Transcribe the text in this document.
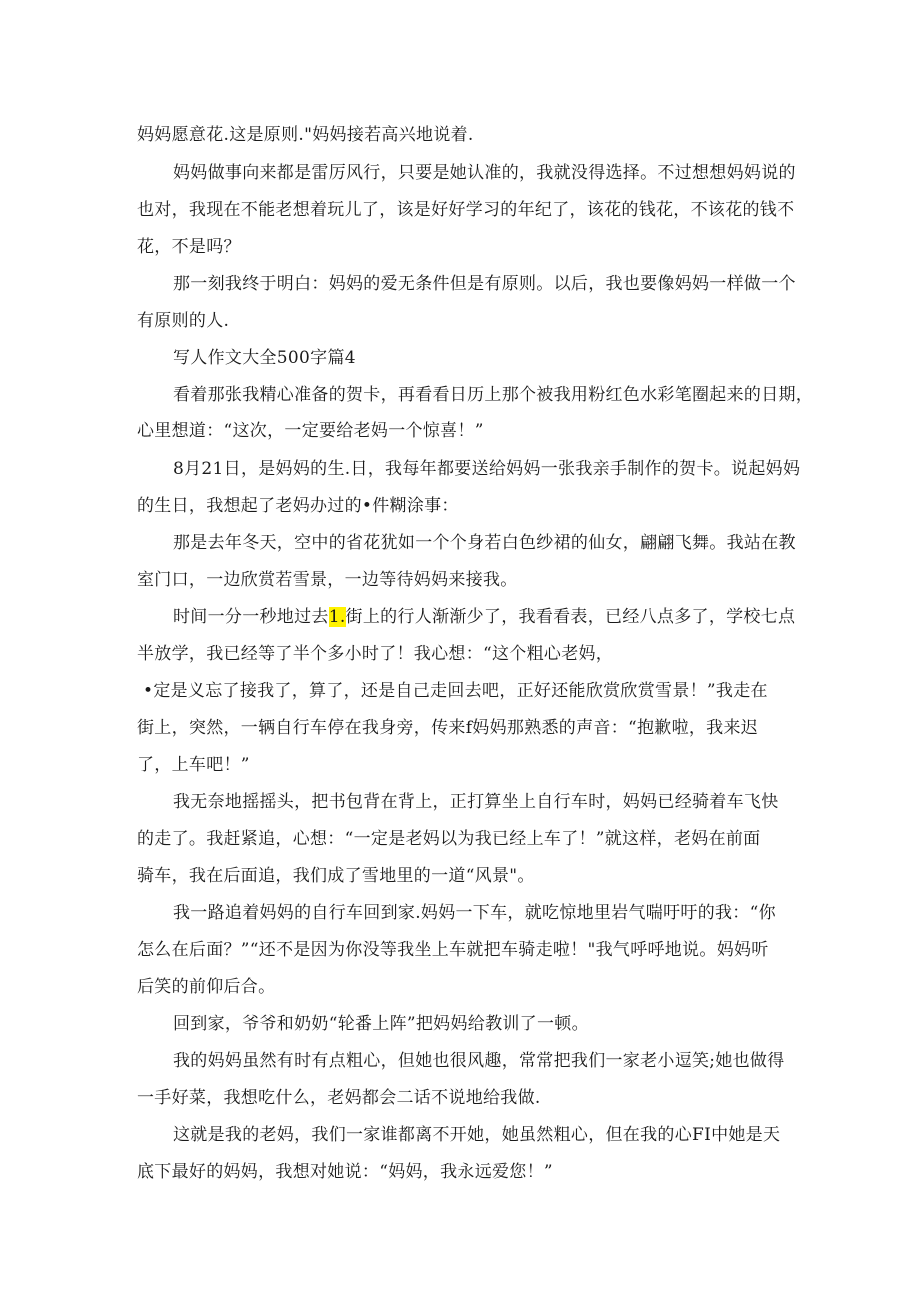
妈妈愿意花.这是原则."妈妈接若高兴地说着.
妈妈做事向来都是雷厉风行，只要是她认准的，我就没得选择。不过想想妈妈说的
也对，我现在不能老想着玩儿了，该是好好学习的年纪了，该花的钱花，不该花的钱不
花，不是吗？
那一刻我终于明白：妈妈的爱无条件但是有原则。以后，我也要像妈妈一样做一个
有原则的人.
写人作文大全500字篇4
看着那张我精心准备的贺卡，再看看日历上那个被我用粉红色水彩笔圈起来的日期，
心里想道：“这次，一定要给老妈一个惊喜！”
8月21日，是妈妈的生.日，我每年都要送给妈妈一张我亲手制作的贺卡。说起妈妈
的生日，我想起了老妈办过的•件糊涂事：
那是去年冬天，空中的省花犹如一个个身若白色纱裙的仙女，翩翩飞舞。我站在教
室门口，一边欣赏若雪景，一边等待妈妈来接我。
时间一分一秒地过去1.街上的行人渐渐少了，我看看表，已经八点多了，学校七点
半放学，我已经等了半个多小时了！我心想：“这个粗心老妈，
•定是义忘了接我了，算了，还是自己走回去吧，正好还能欣赏欣赏雪景！”我走在
街上，突然，一辆自行车停在我身旁，传来f妈妈那熟悉的声音：“抱歉啦，我来迟
了，上车吧！”
我无奈地摇摇头，把书包背在背上，正打算坐上自行车时，妈妈已经骑着车飞快
的走了。我赶紧追，心想：“一定是老妈以为我已经上车了！”就这样，老妈在前面
骑车，我在后面追，我们成了雪地里的一道“风景"。
我一路追着妈妈的自行车回到家.妈妈一下车，就吃惊地里岩气喘吁吁的我：“你
怎么在后面？”“还不是因为你没等我坐上车就把车骑走啦！"我气呼呼地说。妈妈听
后笑的前仰后合。
回到家，爷爷和奶奶“轮番上阵”把妈妈给教训了一顿。
我的妈妈虽然有时有点粗心，但她也很风趣，常常把我们一家老小逗笑;她也做得
一手好菜，我想吃什么，老妈都会二话不说地给我做.
这就是我的老妈，我们一家谁都离不开她，她虽然粗心，但在我的心FI中她是天
底下最好的妈妈，我想对她说：“妈妈，我永远爱您！”
